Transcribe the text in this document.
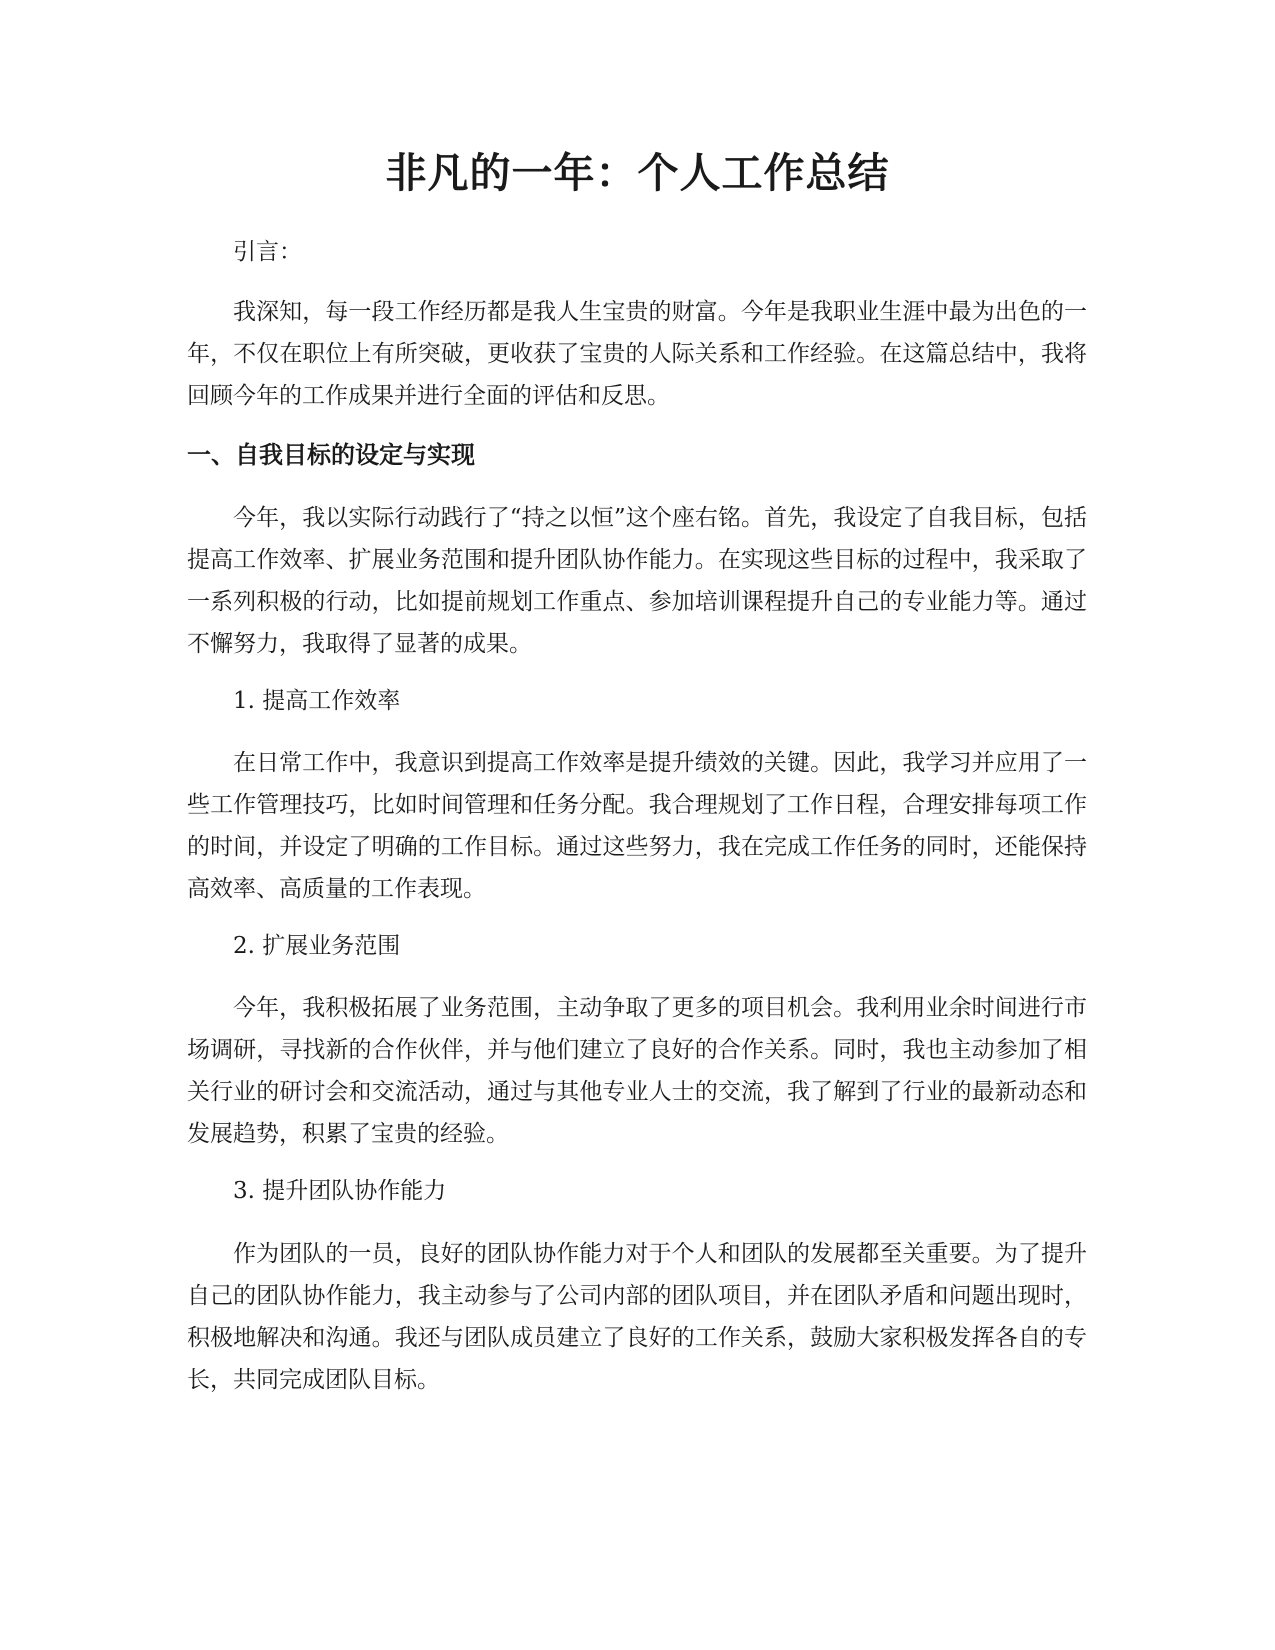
非凡的一年：个人工作总结

引言：

我深知，每一段工作经历都是我人生宝贵的财富。今年是我职业生涯中最为出色的一年，不仅在职位上有所突破，更收获了宝贵的人际关系和工作经验。在这篇总结中，我将回顾今年的工作成果并进行全面的评估和反思。

一、自我目标的设定与实现

今年，我以实际行动践行了“持之以恒”这个座右铭。首先，我设定了自我目标，包括提高工作效率、扩展业务范围和提升团队协作能力。在实现这些目标的过程中，我采取了一系列积极的行动，比如提前规划工作重点、参加培训课程提升自己的专业能力等。通过不懈努力，我取得了显著的成果。

1. 提高工作效率

在日常工作中，我意识到提高工作效率是提升绩效的关键。因此，我学习并应用了一些工作管理技巧，比如时间管理和任务分配。我合理规划了工作日程，合理安排每项工作的时间，并设定了明确的工作目标。通过这些努力，我在完成工作任务的同时，还能保持高效率、高质量的工作表现。

2. 扩展业务范围

今年，我积极拓展了业务范围，主动争取了更多的项目机会。我利用业余时间进行市场调研，寻找新的合作伙伴，并与他们建立了良好的合作关系。同时，我也主动参加了相关行业的研讨会和交流活动，通过与其他专业人士的交流，我了解到了行业的最新动态和发展趋势，积累了宝贵的经验。

3. 提升团队协作能力

作为团队的一员，良好的团队协作能力对于个人和团队的发展都至关重要。为了提升自己的团队协作能力，我主动参与了公司内部的团队项目，并在团队矛盾和问题出现时，积极地解决和沟通。我还与团队成员建立了良好的工作关系，鼓励大家积极发挥各自的专长，共同完成团队目标。
